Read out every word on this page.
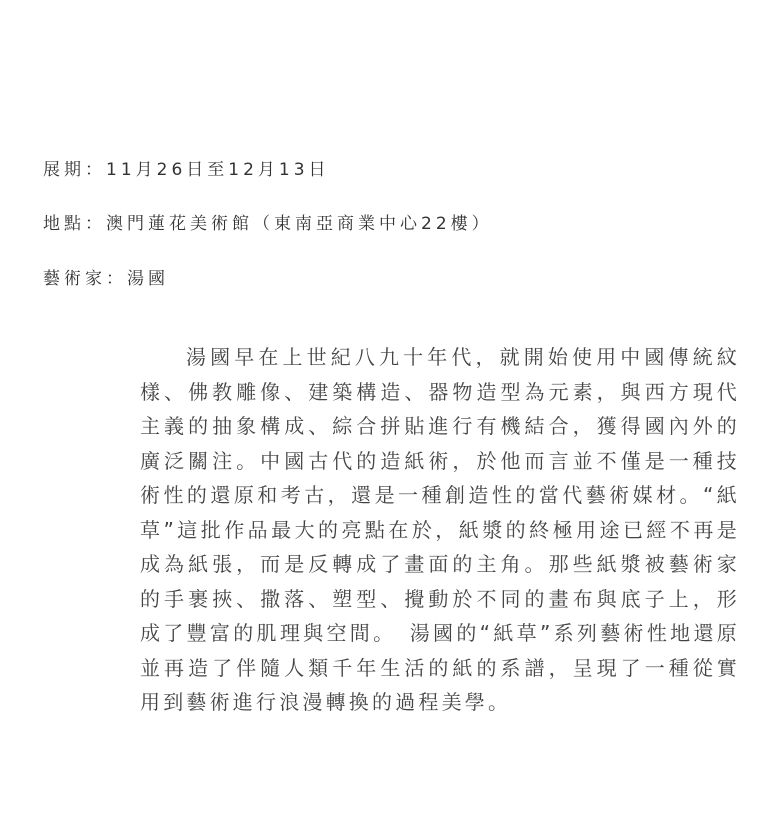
展期：11月26日至12月13日
地點：澳門蓮花美術館（東南亞商業中心22樓）
藝術家：湯國

湯國早在上世紀八九十年代，就開始使用中國傳統紋樣、佛教雕像、建築構造、器物造型為元素，與西方現代主義的抽象構成、綜合拼貼進行有機結合，獲得國內外的廣泛關注。中國古代的造紙術，於他而言並不僅是一種技術性的還原和考古，還是一種創造性的當代藝術媒材。“紙草”這批作品最大的亮點在於，紙漿的終極用途已經不再是成為紙張，而是反轉成了畫面的主角。那些紙漿被藝術家的手裹挾、撒落、塑型、攪動於不同的畫布與底子上，形成了豐富的肌理與空間。　湯國的“紙草”系列藝術性地還原並再造了伴隨人類千年生活的紙的系譜，呈現了一種從實用到藝術進行浪漫轉換的過程美學。
